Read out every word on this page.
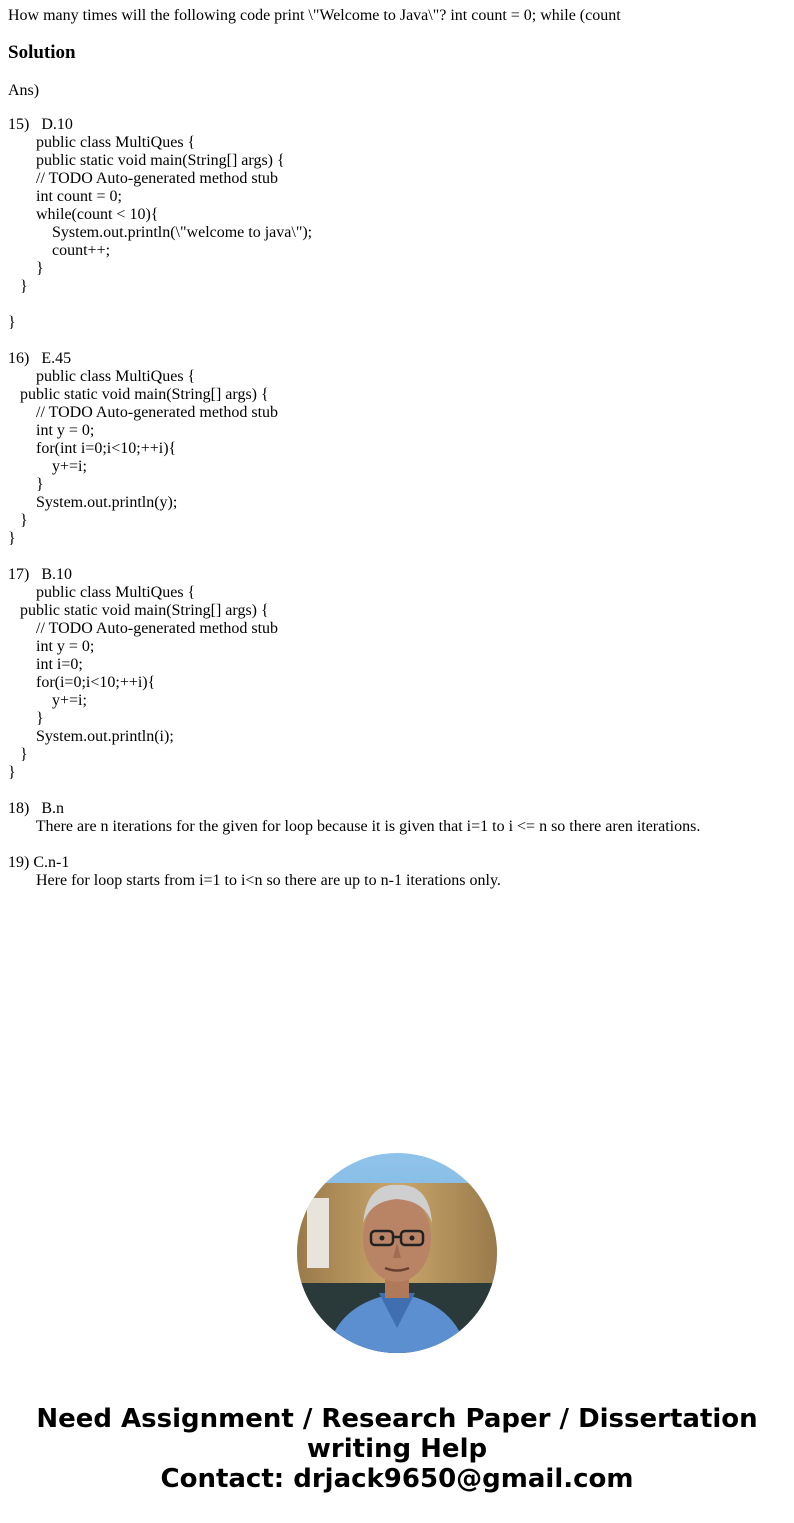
How many times will the following code print \"Welcome to Java\"? int count = 0; while (count

Solution

Ans)

15)   D.10
public class MultiQues {
public static void main(String[] args) {
// TODO Auto-generated method stub
int count = 0;
while(count < 10){
System.out.println(\"welcome to java\");
count++;
}
}
}
16)   E.45
public class MultiQues {
public static void main(String[] args) {
// TODO Auto-generated method stub
int y = 0;
for(int i=0;i<10;++i){
y+=i;
}
System.out.println(y);
}
}
17)   B.10
public class MultiQues {
public static void main(String[] args) {
// TODO Auto-generated method stub
int y = 0;
int i=0;
for(i=0;i<10;++i){
y+=i;
}
System.out.println(i);
}
}
18)   B.n
There are n iterations for the given for loop because it is given that i=1 to i <= n so there aren iterations.
19) C.n-1
Here for loop starts from i=1 to i<n so there are up to n-1 iterations only.
Need Assignment / Research Paper / Dissertation
writing Help
Contact: drjack9650@gmail.com
